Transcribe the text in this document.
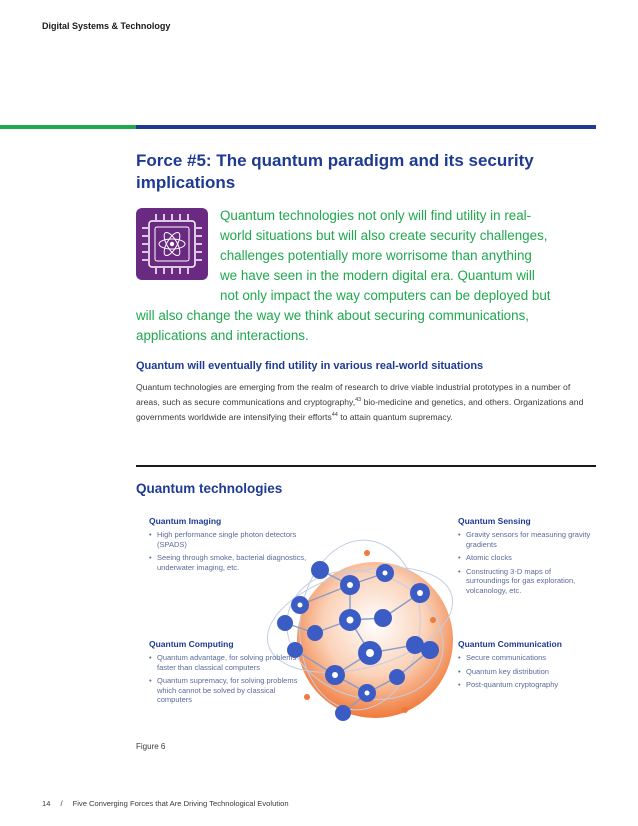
Digital Systems & Technology
Force #5: The quantum paradigm and its security
implications

Quantum technologies not only will find utility in real-

world situations but will also create security challenges,

challenges potentially more worrisome than anything

we have seen in the modern digital era. Quantum will

not only impact the way computers can be deployed but

will also change the way we think about securing communications,

applications and interactions.

Quantum will eventually find utility in various real-world situations
Quantum technologies are emerging from the realm of research to drive viable industrial prototypes in a number of areas, such as secure communications and cryptography,$^{43}$ bio-medicine and genetics, and others. Organizations and governments worldwide are intensifying their efforts$^{44}$ to attain quantum supremacy.
Quantum technologies
Quantum Imaging
• High performance single photon detectors (SPADS)
• Seeing through smoke, bacterial diagnostics, underwater imaging, etc.
Quantum Sensing
• Gravity sensors for measuring gravity gradients
• Atomic clocks
• Constructing 3-D maps of surroundings for gas exploration, volcanology, etc.
Quantum Computing
• Quantum advantage, for solving problems faster than classical computers
• Quantum supremacy, for solving problems which cannot be solved by classical computers
Quantum Communication
• Secure communications
• Quantum key distribution
• Post-quantum cryptography
Figure 6
14 / Five Converging Forces that Are Driving Technological Evolution
